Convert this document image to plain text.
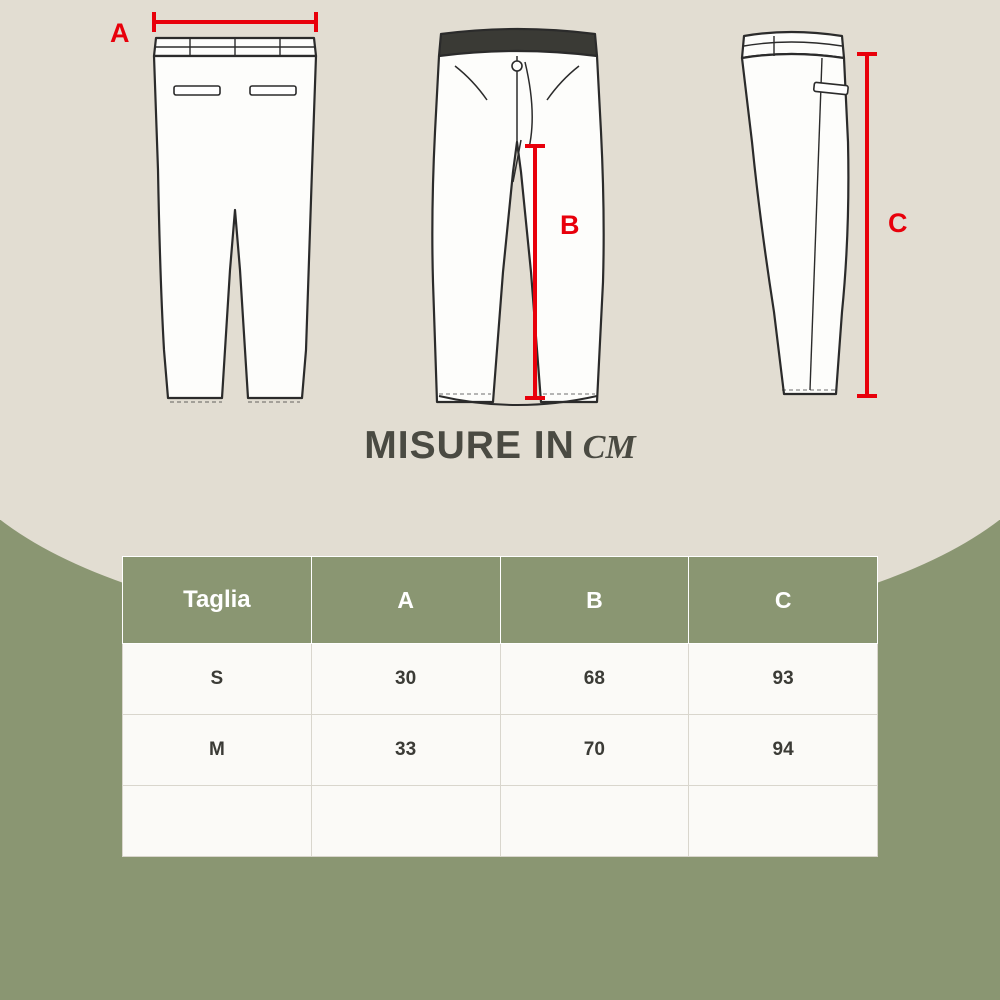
A
B	C
MISURE IN CM
Taglia	A	B	C
S	30	68	93
M	33	70	94
